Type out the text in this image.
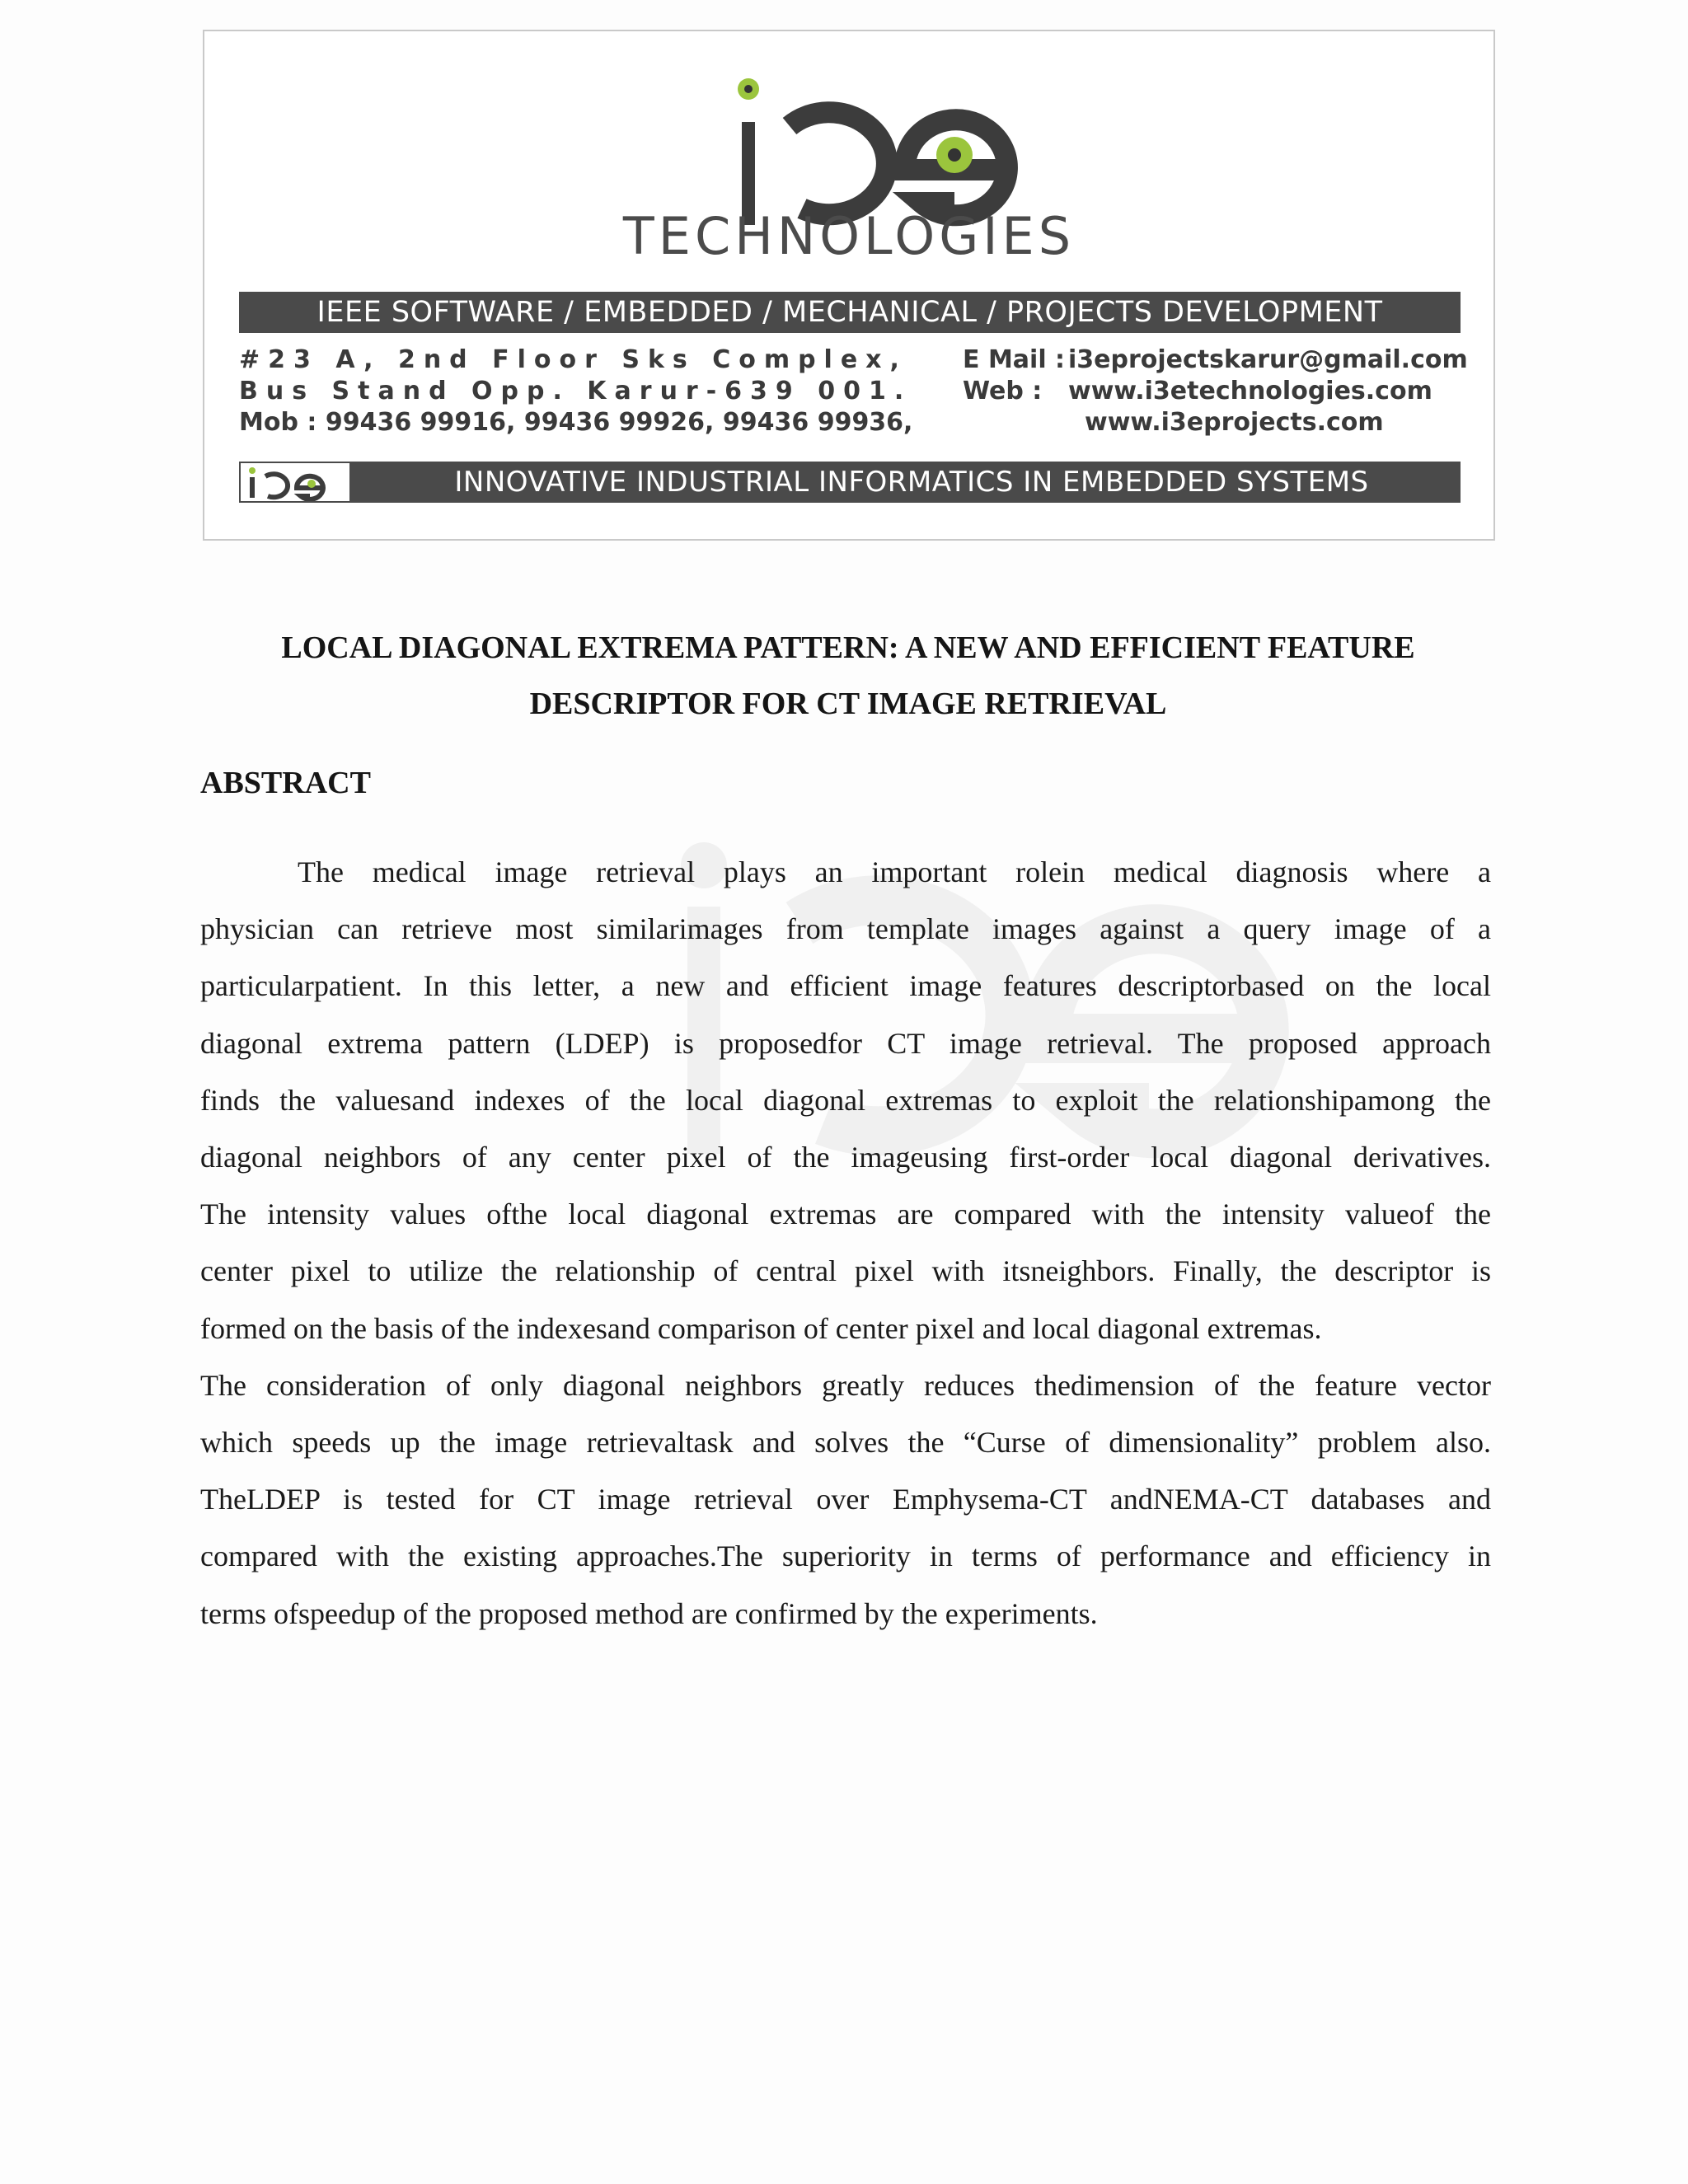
TECHNOLOGIES
IEEE SOFTWARE / EMBEDDED / MECHANICAL / PROJECTS DEVELOPMENT
#23 A, 2nd Floor Sks Complex,
Bus Stand Opp. Karur-639 001.
Mob : 99436 99916, 99436 99926, 99436 99936,
E Mail : i3eprojectskarur@gmail.com
Web :	www.i3etechnologies.com
www.i3eprojects.com
INNOVATIVE INDUSTRIAL INFORMATICS IN EMBEDDED SYSTEMS
LOCAL DIAGONAL EXTREMA PATTERN: A NEW AND EFFICIENT FEATURE
DESCRIPTOR FOR CT IMAGE RETRIEVAL
ABSTRACT

The medical image retrieval plays an important rolein medical diagnosis where a
physician can retrieve most similarimages from template images against a query image of a
particularpatient. In this letter, a new and efficient image features descriptorbased on the local
diagonal extrema pattern (LDEP) is proposedfor CT image retrieval. The proposed approach
finds the valuesand indexes of the local diagonal extremas to exploit the relationshipamong the
diagonal neighbors of any center pixel of the imageusing first-order local diagonal derivatives.
The intensity values ofthe local diagonal extremas are compared with the intensity valueof the
center pixel to utilize the relationship of central pixel with itsneighbors. Finally, the descriptor is
formed on the basis of the indexesand comparison of center pixel and local diagonal extremas.
The consideration of only diagonal neighbors greatly reduces thedimension of the feature vector
which speeds up the image retrievaltask and solves the “Curse of dimensionality” problem also.
TheLDEP is tested for CT image retrieval over Emphysema-CT andNEMA-CT databases and
compared with the existing approaches.The superiority in terms of performance and efficiency in
terms ofspeedup of the proposed method are confirmed by the experiments.
